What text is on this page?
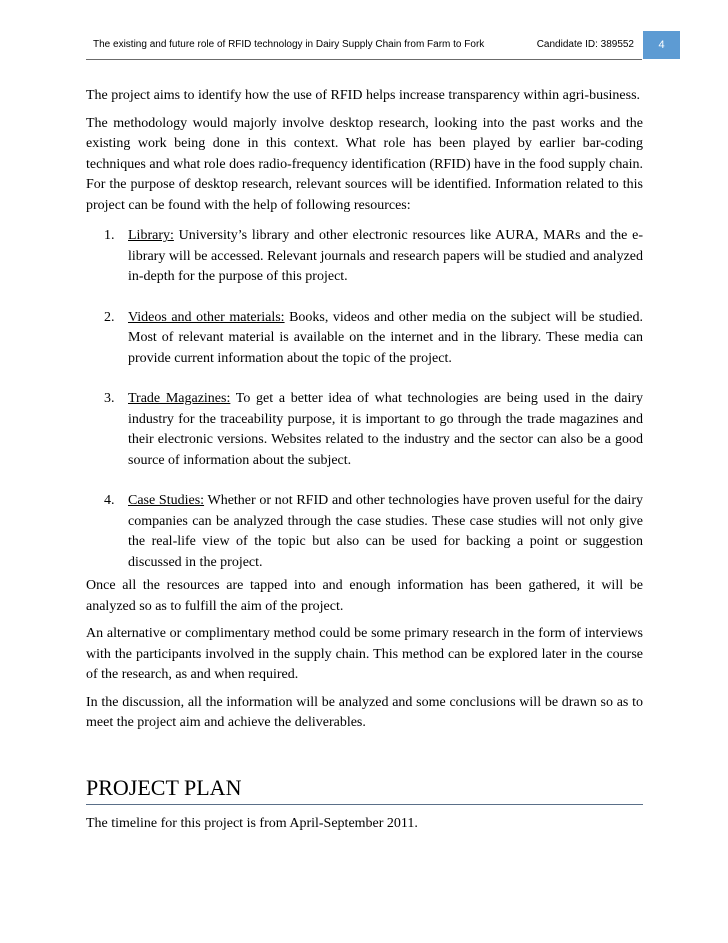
The existing and future role of RFID technology in Dairy Supply Chain from Farm to Fork	Candidate ID: 389552	4

The project aims to identify how the use of RFID helps increase transparency within agri-business.

The methodology would majorly involve desktop research, looking into the past works and the existing work being done in this context. What role has been played by earlier bar-coding techniques and what role does radio-frequency identification (RFID) have in the food supply chain. For the purpose of desktop research, relevant sources will be identified. Information related to this project can be found with the help of following resources:

1. Library: University’s library and other electronic resources like AURA, MARs and the e-library will be accessed. Relevant journals and research papers will be studied and analyzed in-depth for the purpose of this project.
2. Videos and other materials: Books, videos and other media on the subject will be studied. Most of relevant material is available on the internet and in the library. These media can provide current information about the topic of the project.
3. Trade Magazines: To get a better idea of what technologies are being used in the dairy industry for the traceability purpose, it is important to go through the trade magazines and their electronic versions. Websites related to the industry and the sector can also be a good source of information about the subject.
4. Case Studies: Whether or not RFID and other technologies have proven useful for the dairy companies can be analyzed through the case studies. These case studies will not only give the real-life view of the topic but also can be used for backing a point or suggestion discussed in the project.

Once all the resources are tapped into and enough information has been gathered, it will be analyzed so as to fulfill the aim of the project.

An alternative or complimentary method could be some primary research in the form of interviews with the participants involved in the supply chain. This method can be explored later in the course of the research, as and when required.

In the discussion, all the information will be analyzed and some conclusions will be drawn so as to meet the project aim and achieve the deliverables.

PROJECT PLAN
The timeline for this project is from April-September 2011.
